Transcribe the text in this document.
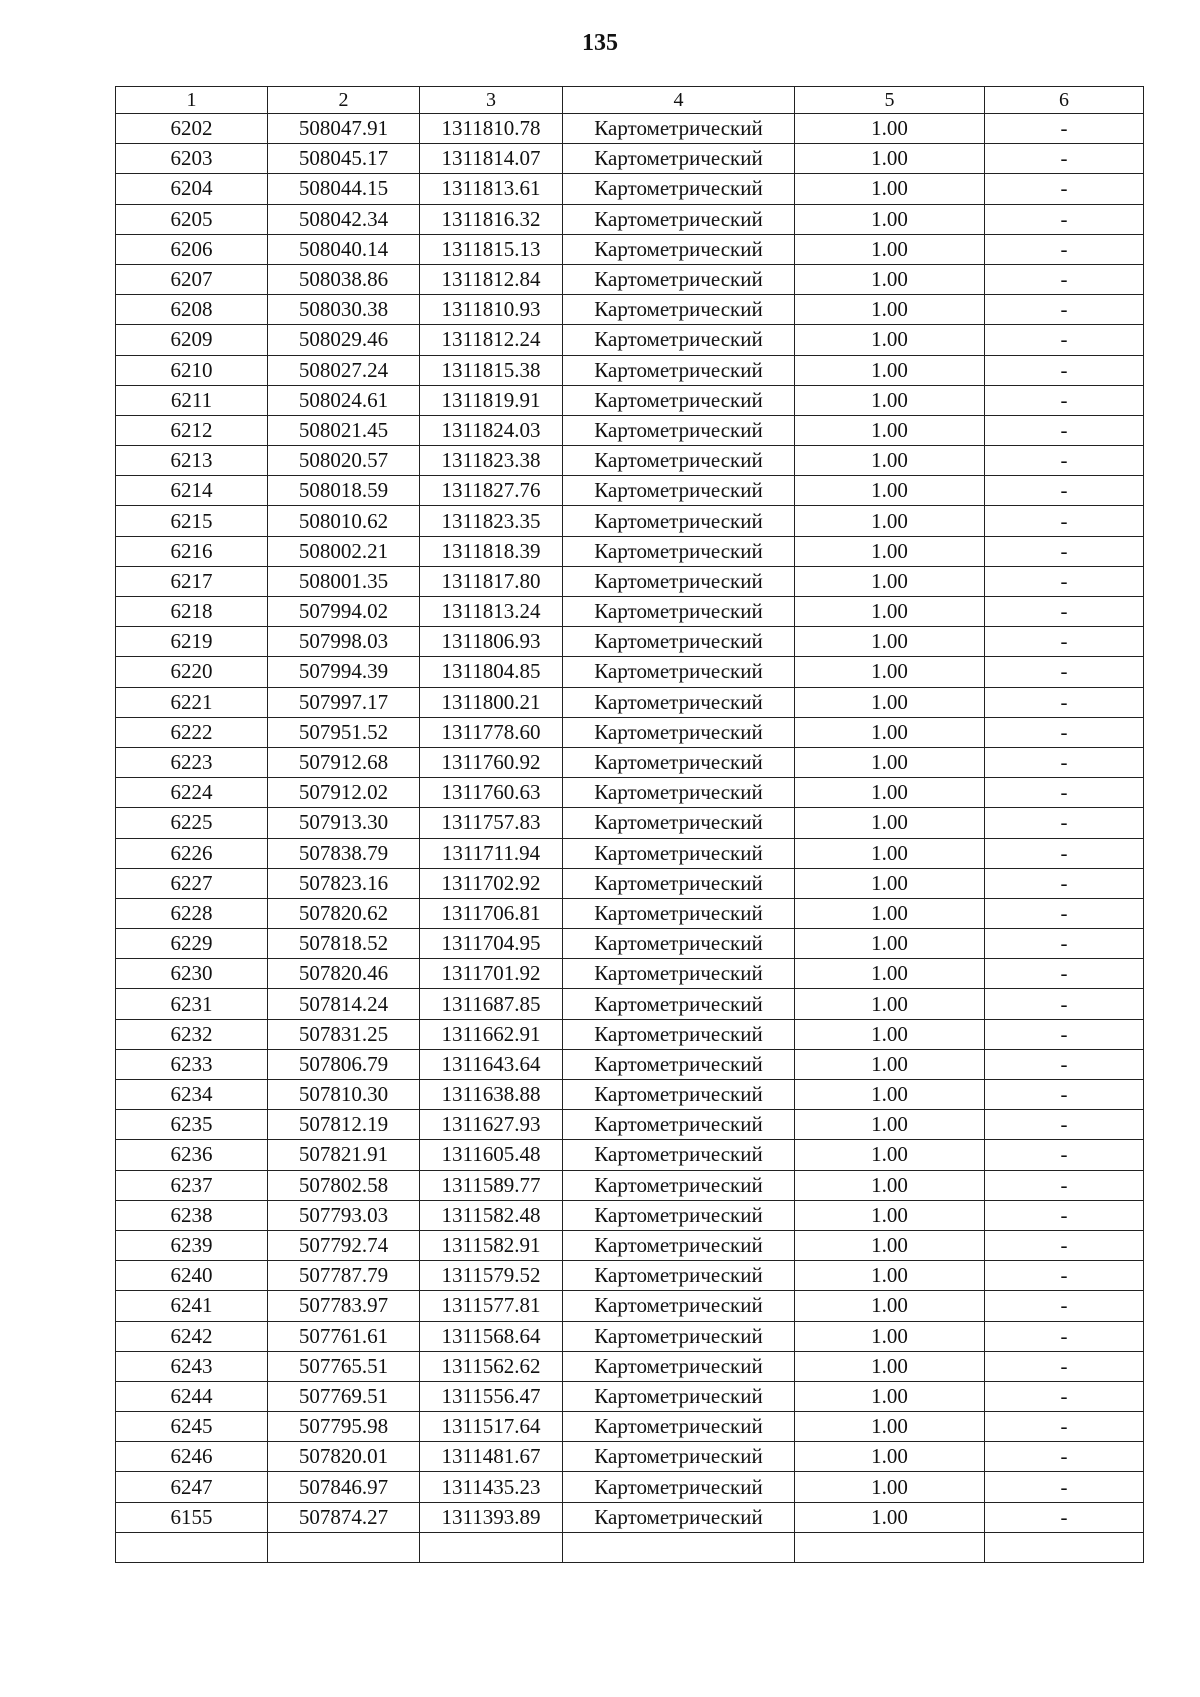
135
1	2	3	4	5	6
6202	508047.91	1311810.78	Картометрический	1.00	-
6203	508045.17	1311814.07	Картометрический	1.00	-
6204	508044.15	1311813.61	Картометрический	1.00	-
6205	508042.34	1311816.32	Картометрический	1.00	-
6206	508040.14	1311815.13	Картометрический	1.00	-
6207	508038.86	1311812.84	Картометрический	1.00	-
6208	508030.38	1311810.93	Картометрический	1.00	-
6209	508029.46	1311812.24	Картометрический	1.00	-
6210	508027.24	1311815.38	Картометрический	1.00	-
6211	508024.61	1311819.91	Картометрический	1.00	-
6212	508021.45	1311824.03	Картометрический	1.00	-
6213	508020.57	1311823.38	Картометрический	1.00	-
6214	508018.59	1311827.76	Картометрический	1.00	-
6215	508010.62	1311823.35	Картометрический	1.00	-
6216	508002.21	1311818.39	Картометрический	1.00	-
6217	508001.35	1311817.80	Картометрический	1.00	-
6218	507994.02	1311813.24	Картометрический	1.00	-
6219	507998.03	1311806.93	Картометрический	1.00	-
6220	507994.39	1311804.85	Картометрический	1.00	-
6221	507997.17	1311800.21	Картометрический	1.00	-
6222	507951.52	1311778.60	Картометрический	1.00	-
6223	507912.68	1311760.92	Картометрический	1.00	-
6224	507912.02	1311760.63	Картометрический	1.00	-
6225	507913.30	1311757.83	Картометрический	1.00	-
6226	507838.79	1311711.94	Картометрический	1.00	-
6227	507823.16	1311702.92	Картометрический	1.00	-
6228	507820.62	1311706.81	Картометрический	1.00	-
6229	507818.52	1311704.95	Картометрический	1.00	-
6230	507820.46	1311701.92	Картометрический	1.00	-
6231	507814.24	1311687.85	Картометрический	1.00	-
6232	507831.25	1311662.91	Картометрический	1.00	-
6233	507806.79	1311643.64	Картометрический	1.00	-
6234	507810.30	1311638.88	Картометрический	1.00	-
6235	507812.19	1311627.93	Картометрический	1.00	-
6236	507821.91	1311605.48	Картометрический	1.00	-
6237	507802.58	1311589.77	Картометрический	1.00	-
6238	507793.03	1311582.48	Картометрический	1.00	-
6239	507792.74	1311582.91	Картометрический	1.00	-
6240	507787.79	1311579.52	Картометрический	1.00	-
6241	507783.97	1311577.81	Картометрический	1.00	-
6242	507761.61	1311568.64	Картометрический	1.00	-
6243	507765.51	1311562.62	Картометрический	1.00	-
6244	507769.51	1311556.47	Картометрический	1.00	-
6245	507795.98	1311517.64	Картометрический	1.00	-
6246	507820.01	1311481.67	Картометрический	1.00	-
6247	507846.97	1311435.23	Картометрический	1.00	-
6155	507874.27	1311393.89	Картометрический	1.00	-
